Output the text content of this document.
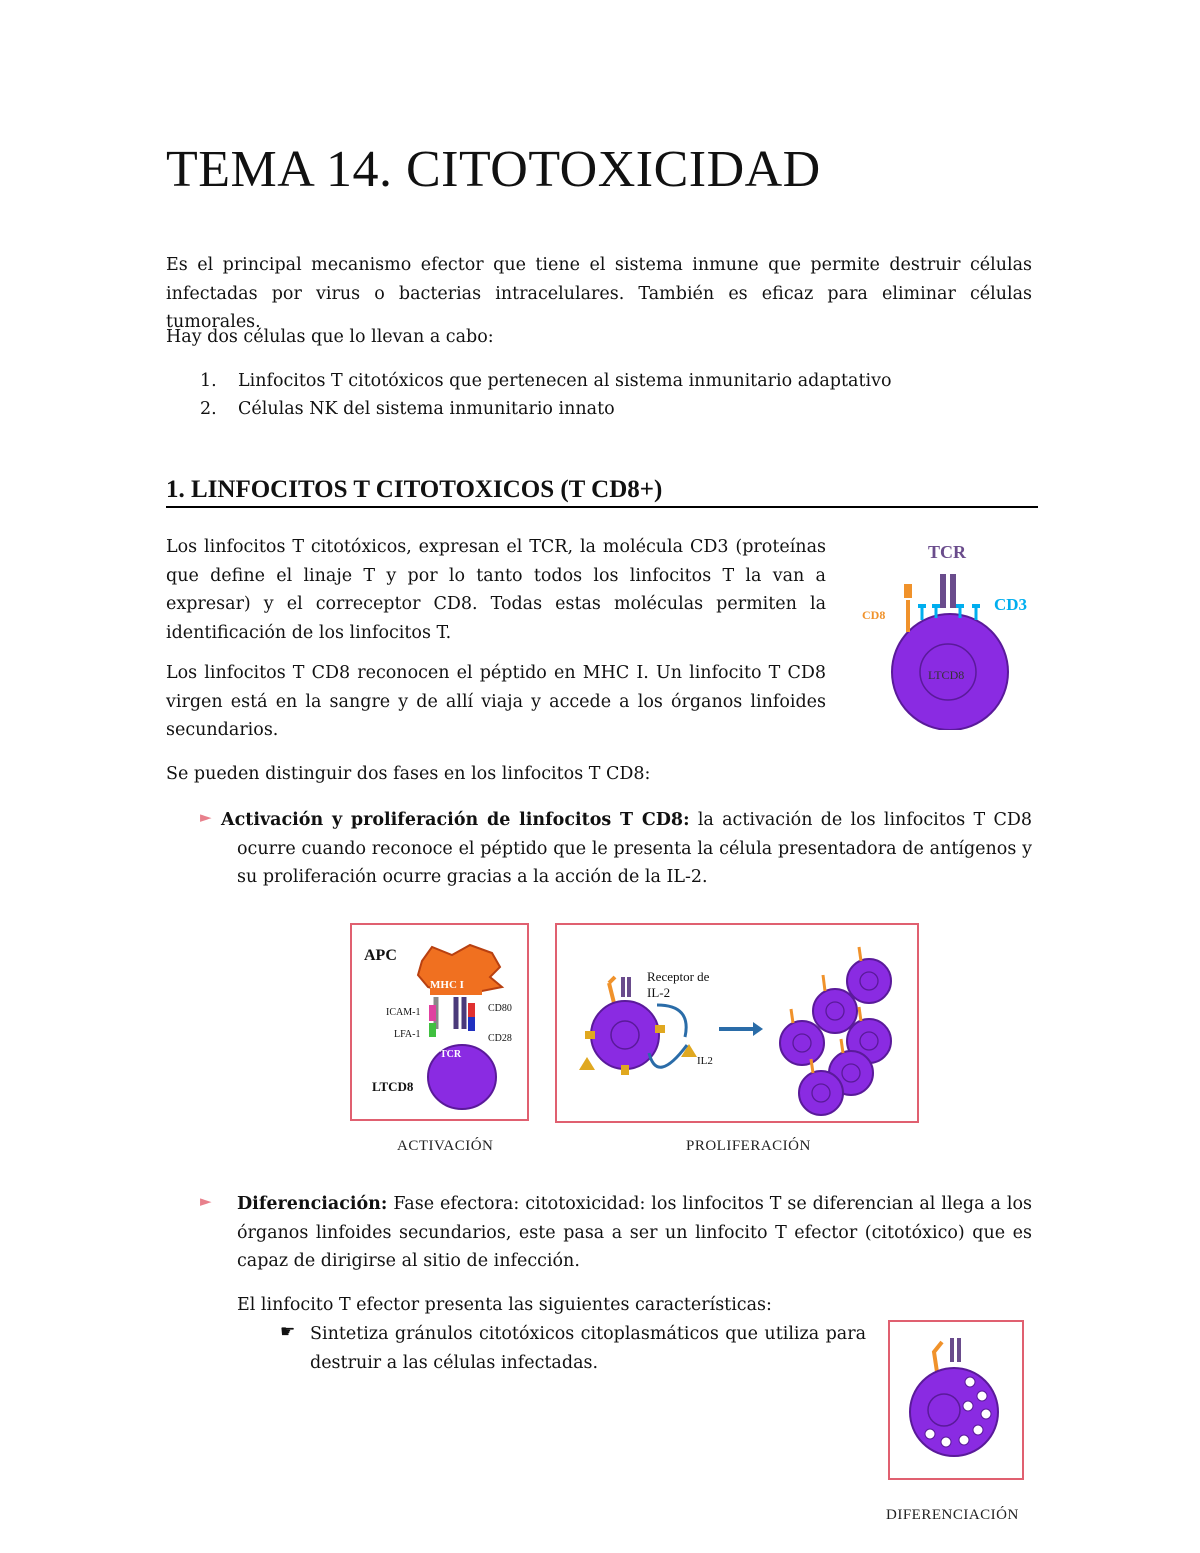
TEMA 14. CITOTOXICIDAD

Es el principal mecanismo efector que tiene el sistema inmune que permite destruir células infectadas por virus o bacterias intracelulares. También es eficaz para eliminar células tumorales.

Hay dos células que lo llevan a cabo:

1. Linfocitos T citotóxicos que pertenecen al sistema inmunitario adaptativo
2. Células NK del sistema inmunitario innato
1. LINFOCITOS T CITOTOXICOS (T CD8+)

Los linfocitos T citotóxicos, expresan el TCR, la molécula CD3 (proteínas que define el linaje T y por lo tanto todos los linfocitos T la van a expresar) y el correceptor CD8. Todas estas moléculas permiten la identificación de los linfocitos T.

Los linfocitos T CD8 reconocen el péptido en MHC I. Un linfocito T CD8 virgen está en la sangre y de allí viaja y accede a los órganos linfoides secundarios.

Se pueden distinguir dos fases en los linfocitos T CD8:

► Activación y proliferación de linfocitos T CD8: la activación de los linfocitos T CD8 ocurre cuando reconoce el péptido que le presenta la célula presentadora de antígenos y su proliferación ocurre gracias a la acción de la IL-2.

APC
MHC I
ICAM-1
LFA-1
CD80
CD28
TCR
LTCD8
ACTIVACIÓN
Receptor de
IL-2
IL2
PROLIFERACIÓN
► Diferenciación: Fase efectora: citotoxicidad: los linfocitos T se diferencian al llega a los órganos linfoides secundarios, este pasa a ser un linfocito T efector (citotóxico) que es capaz de dirigirse al sitio de infección.

El linfocito T efector presenta las siguientes características:

☛ Sintetiza gránulos citotóxicos citoplasmáticos que utiliza para destruir a las células infectadas.

DIFERENCIACIÓN
TCR
CD3
CD8
LTCD8
